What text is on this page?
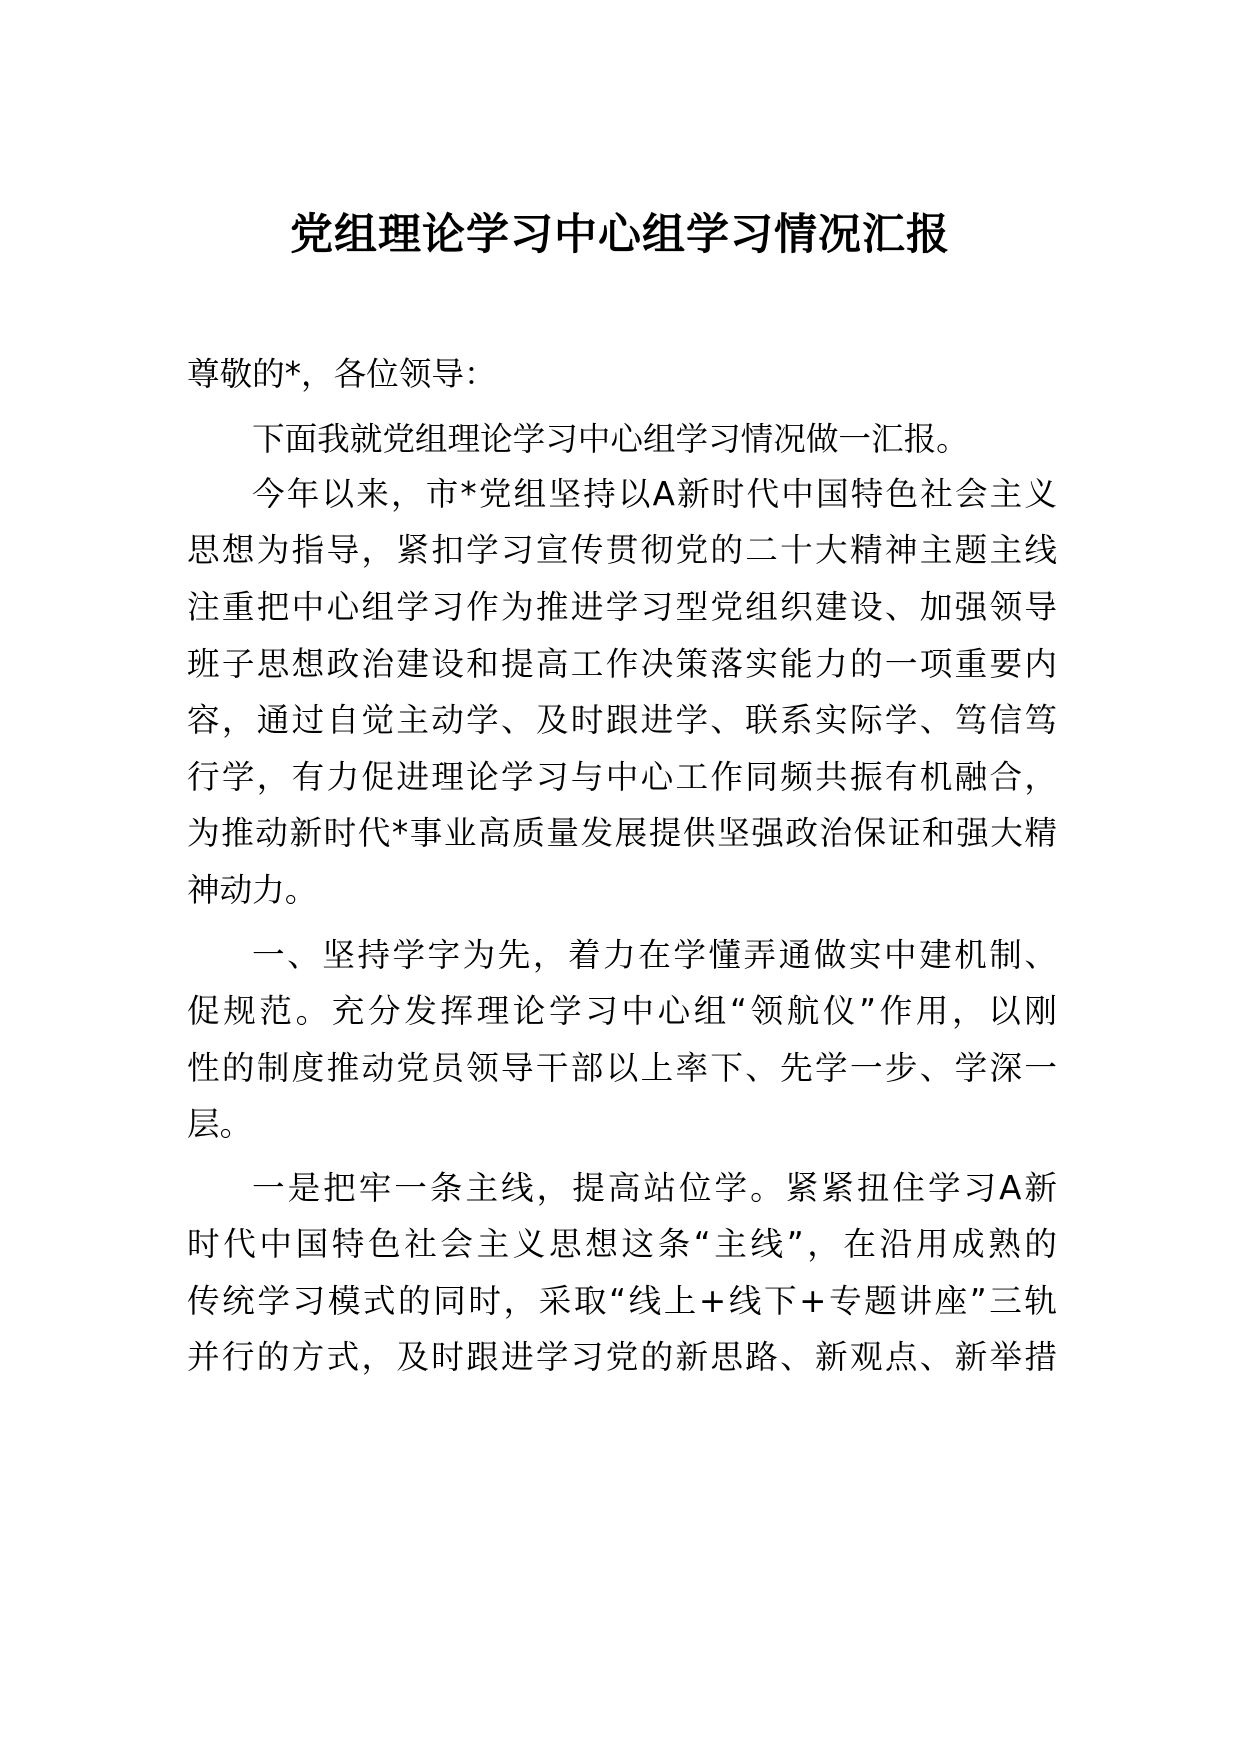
党组理论学习中心组学习情况汇报
尊敬的*，各位领导：
下面我就党组理论学习中心组学习情况做一汇报。
今年以来，市*党组坚持以A新时代中国特色社会主义
思想为指导，紧扣学习宣传贯彻党的二十大精神主题主线
注重把中心组学习作为推进学习型党组织建设、加强领导
班子思想政治建设和提高工作决策落实能力的一项重要内
容，通过自觉主动学、及时跟进学、联系实际学、笃信笃
行学，有力促进理论学习与中心工作同频共振有机融合，
为推动新时代*事业高质量发展提供坚强政治保证和强大精
神动力。
一、坚持学字为先，着力在学懂弄通做实中建机制、
促规范。充分发挥理论学习中心组“领航仪”作用，以刚
性的制度推动党员领导干部以上率下、先学一步、学深一
层。
一是把牢一条主线，提高站位学。紧紧扭住学习A新
时代中国特色社会主义思想这条“主线”，在沿用成熟的
传统学习模式的同时，采取“线上+线下+专题讲座”三轨
并行的方式，及时跟进学习党的新思路、新观点、新举措
